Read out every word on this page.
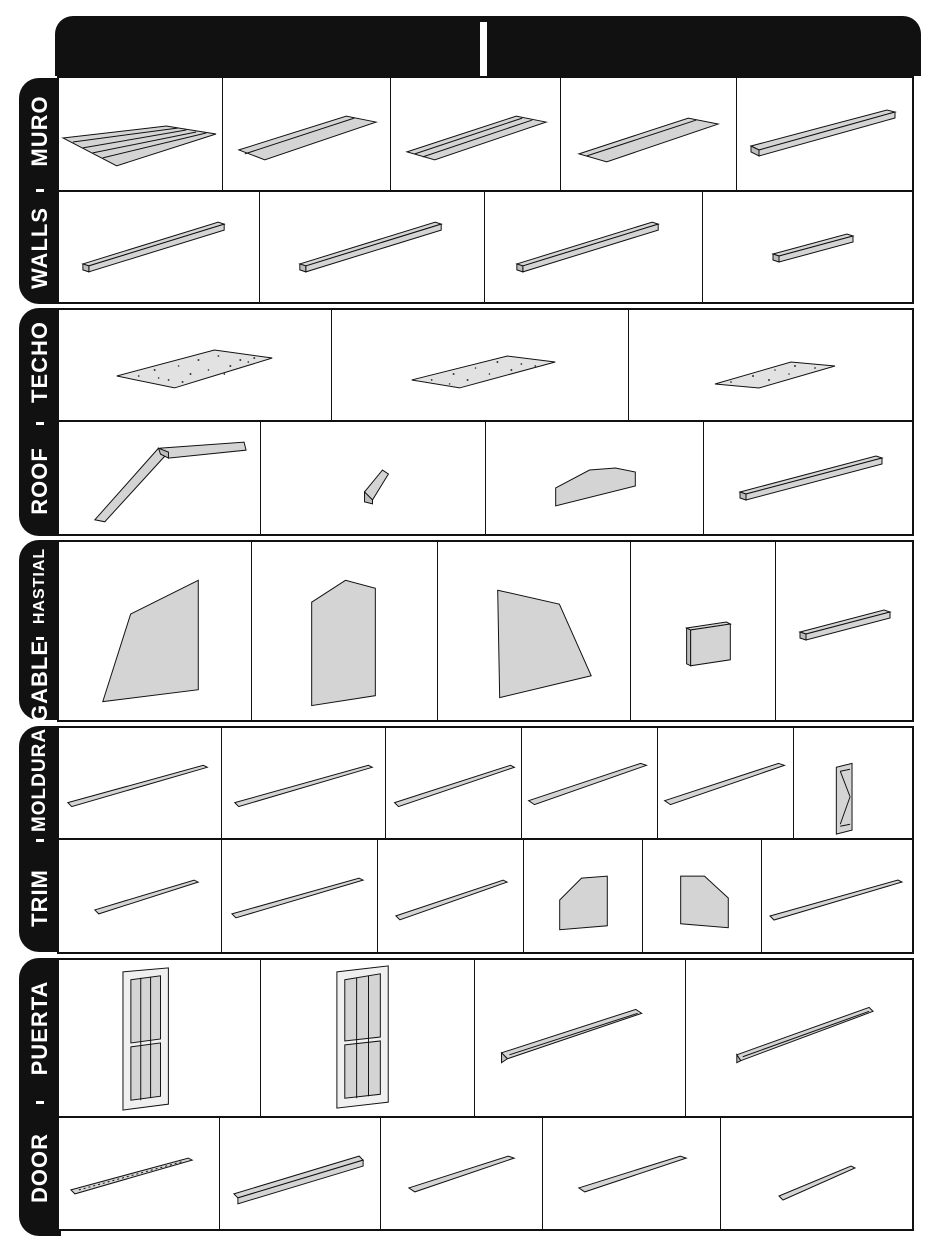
MURO
WALLS
TECHO
ROOF
HASTIAL
GABLE
MOLDURA
TRIM
PUERTA
DOOR
